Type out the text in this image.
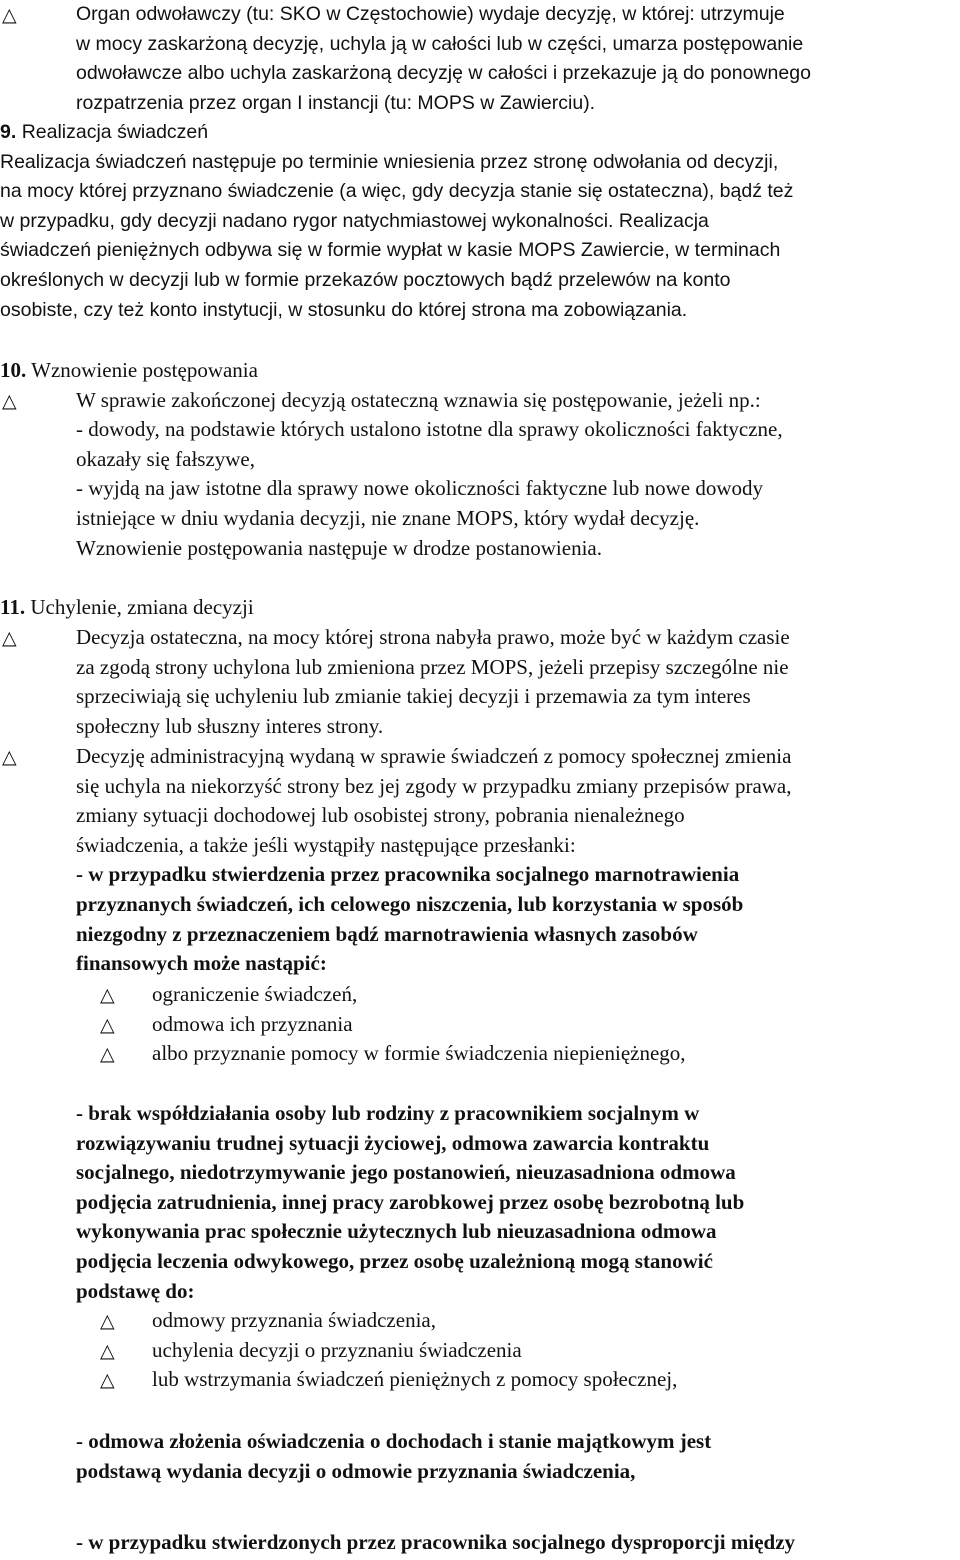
△	Organ odwoławczy (tu: SKO w Częstochowie) wydaje decyzję, w której: utrzymuje
w mocy zaskarżoną decyzję, uchyla ją w całości lub w części, umarza postępowanie
odwoławcze albo uchyla zaskarżoną decyzję w całości i przekazuje ją do ponownego
rozpatrzenia przez organ I instancji (tu: MOPS w Zawierciu).
9. Realizacja świadczeń
Realizacja świadczeń następuje po terminie wniesienia przez stronę odwołania od decyzji,
na mocy której przyznano świadczenie (a więc, gdy decyzja stanie się ostateczna), bądź też
w przypadku, gdy decyzji nadano rygor natychmiastowej wykonalności. Realizacja
świadczeń pieniężnych odbywa się w formie wypłat w kasie MOPS Zawiercie, w terminach
określonych w decyzji lub w formie przekazów pocztowych bądź przelewów na konto
osobiste, czy też konto instytucji, w stosunku do której strona ma zobowiązania.
10. Wznowienie postępowania
△	W sprawie zakończonej decyzją ostateczną wznawia się postępowanie, jeżeli np.:
- dowody, na podstawie których ustalono istotne dla sprawy okoliczności faktyczne,
okazały się fałszywe,
- wyjdą na jaw istotne dla sprawy nowe okoliczności faktyczne lub nowe dowody
istniejące w dniu wydania decyzji, nie znane MOPS, który wydał decyzję.
Wznowienie postępowania następuje w drodze postanowienia.
11. Uchylenie, zmiana decyzji
△	Decyzja ostateczna, na mocy której strona nabyła prawo, może być w każdym czasie
za zgodą strony uchylona lub zmieniona przez MOPS, jeżeli przepisy szczególne nie
sprzeciwiają się uchyleniu lub zmianie takiej decyzji i przemawia za tym interes
społeczny lub słuszny interes strony.
△	Decyzję administracyjną wydaną w sprawie świadczeń z pomocy społecznej zmienia
się uchyla na niekorzyść strony bez jej zgody w przypadku zmiany przepisów prawa,
zmiany sytuacji dochodowej lub osobistej strony, pobrania nienależnego
świadczenia, a także jeśli wystąpiły następujące przesłanki:
- w przypadku stwierdzenia przez pracownika socjalnego marnotrawienia
przyznanych świadczeń, ich celowego niszczenia, lub korzystania w sposób
niezgodny z przeznaczeniem bądź marnotrawienia własnych zasobów
finansowych może nastąpić:
△	ograniczenie świadczeń,
△	odmowa ich przyznania
△	albo przyznanie pomocy w formie świadczenia niepieniężnego,
- brak współdziałania osoby lub rodziny z pracownikiem socjalnym w
rozwiązywaniu trudnej sytuacji życiowej, odmowa zawarcia kontraktu
socjalnego, niedotrzymywanie jego postanowień, nieuzasadniona odmowa
podjęcia zatrudnienia, innej pracy zarobkowej przez osobę bezrobotną lub
wykonywania prac społecznie użytecznych lub nieuzasadniona odmowa
podjęcia leczenia odwykowego, przez osobę uzależnioną mogą stanowić
podstawę do:
△	odmowy przyznania świadczenia,
△	uchylenia decyzji o przyznaniu świadczenia
△	lub wstrzymania świadczeń pieniężnych z pomocy społecznej,
- odmowa złożenia oświadczenia o dochodach i stanie majątkowym jest
podstawą wydania decyzji o odmowie przyznania świadczenia,
- w przypadku stwierdzonych przez pracownika socjalnego dysproporcji między
